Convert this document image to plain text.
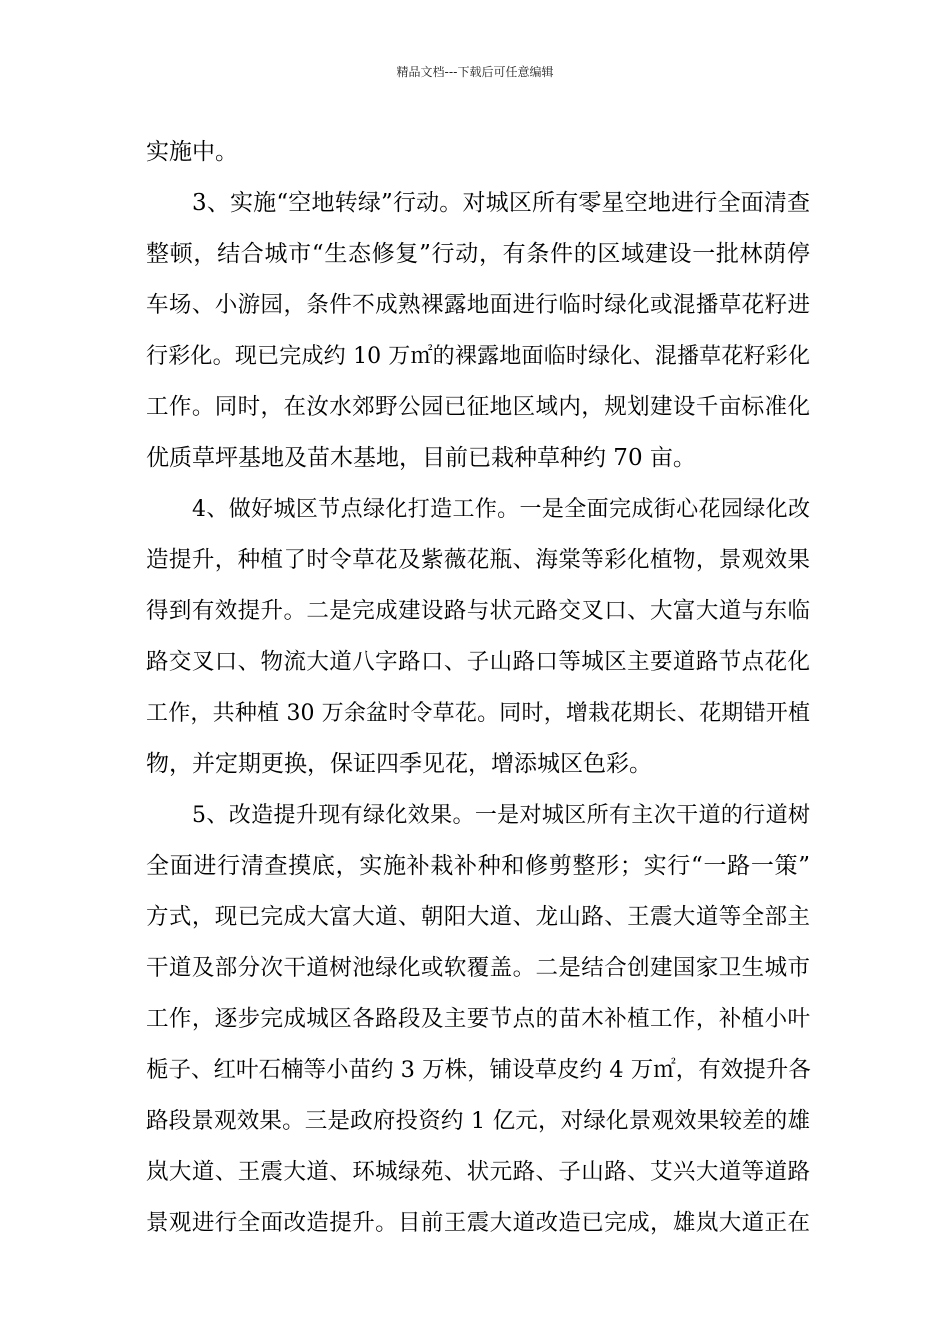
精品文档---下载后可任意编辑
实施中。
3、实施“空地转绿”行动。对城区所有零星空地进行全面清查
整顿，结合城市“生态修复”行动，有条件的区域建设一批林荫停
车场、小游园，条件不成熟裸露地面进行临时绿化或混播草花籽进
行彩化。现已完成约 10 万㎡的裸露地面临时绿化、混播草花籽彩化
工作。同时，在汝水郊野公园已征地区域内，规划建设千亩标准化
优质草坪基地及苗木基地，目前已栽种草种约 70 亩。
4、做好城区节点绿化打造工作。一是全面完成街心花园绿化改
造提升，种植了时令草花及紫薇花瓶、海棠等彩化植物，景观效果
得到有效提升。二是完成建设路与状元路交叉口、大富大道与东临
路交叉口、物流大道八字路口、子山路口等城区主要道路节点花化
工作，共种植 30 万余盆时令草花。同时，增栽花期长、花期错开植
物，并定期更换，保证四季见花，增添城区色彩。
5、改造提升现有绿化效果。一是对城区所有主次干道的行道树
全面进行清查摸底，实施补栽补种和修剪整形；实行“一路一策”
方式，现已完成大富大道、朝阳大道、龙山路、王震大道等全部主
干道及部分次干道树池绿化或软覆盖。二是结合创建国家卫生城市
工作，逐步完成城区各路段及主要节点的苗木补植工作，补植小叶
栀子、红叶石楠等小苗约 3 万株，铺设草皮约 4 万㎡，有效提升各
路段景观效果。三是政府投资约 1 亿元，对绿化景观效果较差的雄
岚大道、王震大道、环城绿苑、状元路、子山路、艾兴大道等道路
景观进行全面改造提升。目前王震大道改造已完成，雄岚大道正在
